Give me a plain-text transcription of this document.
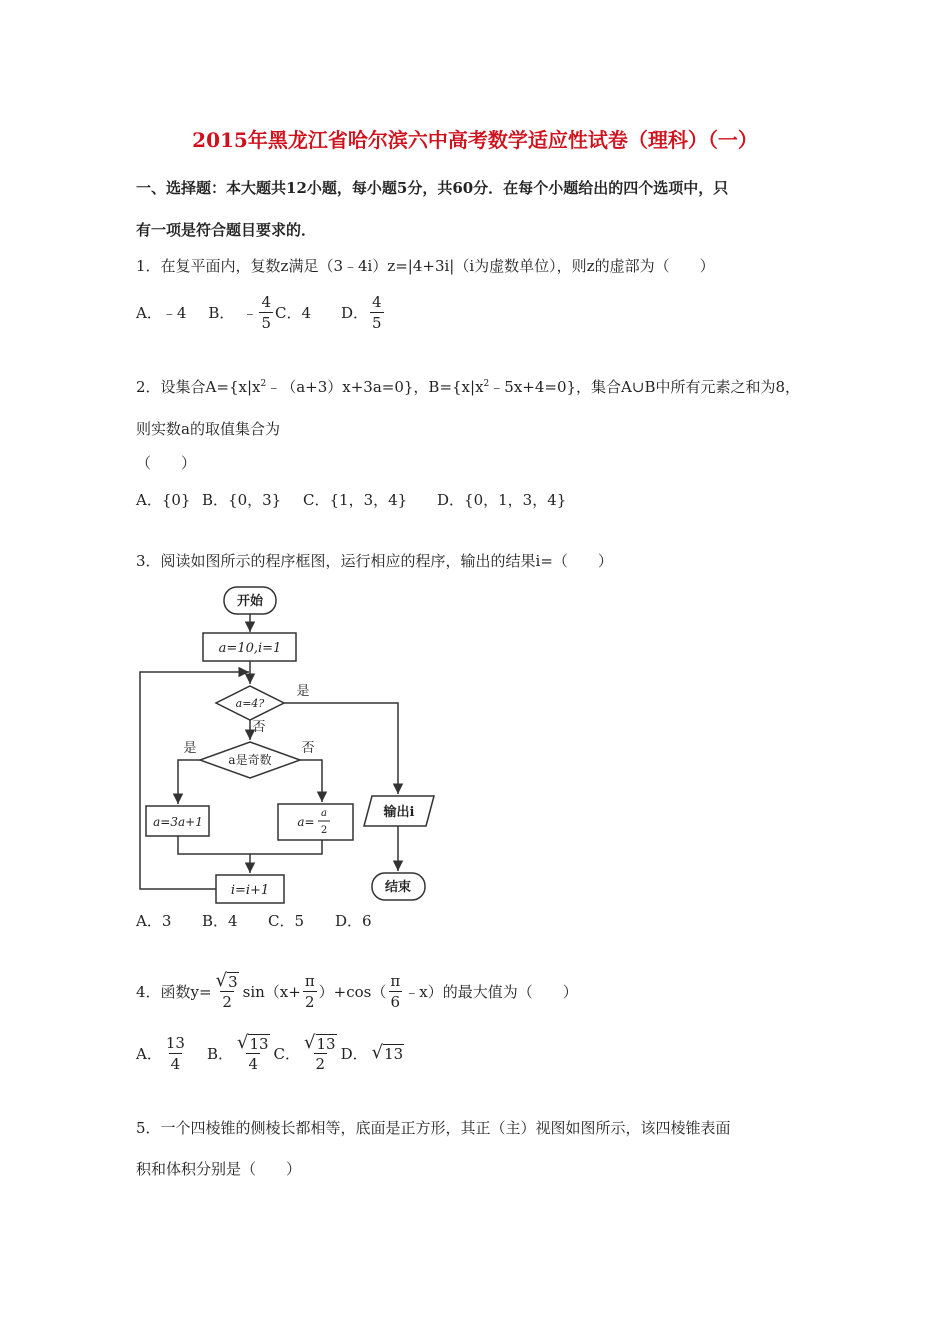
2015年黑龙江省哈尔滨六中高考数学适应性试卷（理科）（一）
一、选择题：本大题共12小题，每小题5分，共60分．在每个小题给出的四个选项中，只
有一项是符合题目要求的．
1．在复平面内，复数z满足（3﹣4i）z=|4+3i|（i为虚数单位），则z的虚部为（　　）
A．﹣4 B． ﹣ $\frac{4}{5}$ C．4 D． $\frac{4}{5}$
2．设集合$A=\{x|x^2﹣(a+3)x+3a=0\}$，$B=\{x|x^2﹣5x+4=0\}$，集合A∪B中所有元素之和为8，
则实数a的取值集合为
（　　）
A．{0} B．{0，3} C．{1，3，4} D．{0，1，3，4}
3．阅读如图所示的程序框图，运行相应的程序，输出的结果i=（　　）
开始
a=10,i=1
a=4?
是
否
a是奇数
是	否
a=3a+1	a=
a
2
输出i
i=i+1	结束
A．3 B．4 C．5 D．6
4．函数$y= \frac{√ 3}{2} \sin(x+ \frac{\pi}{2} )+\cos( \frac{\pi}{6}$ ﹣x）的最大值为（　　）
A． $\frac{13}{4}$ B． $\frac{√ 13}{4}$ C． $\frac{√ 13}{2}$ D． √ 13
5．一个四棱锥的侧棱长都相等，底面是正方形，其正（主）视图如图所示，该四棱锥表面
积和体积分别是（　　）
